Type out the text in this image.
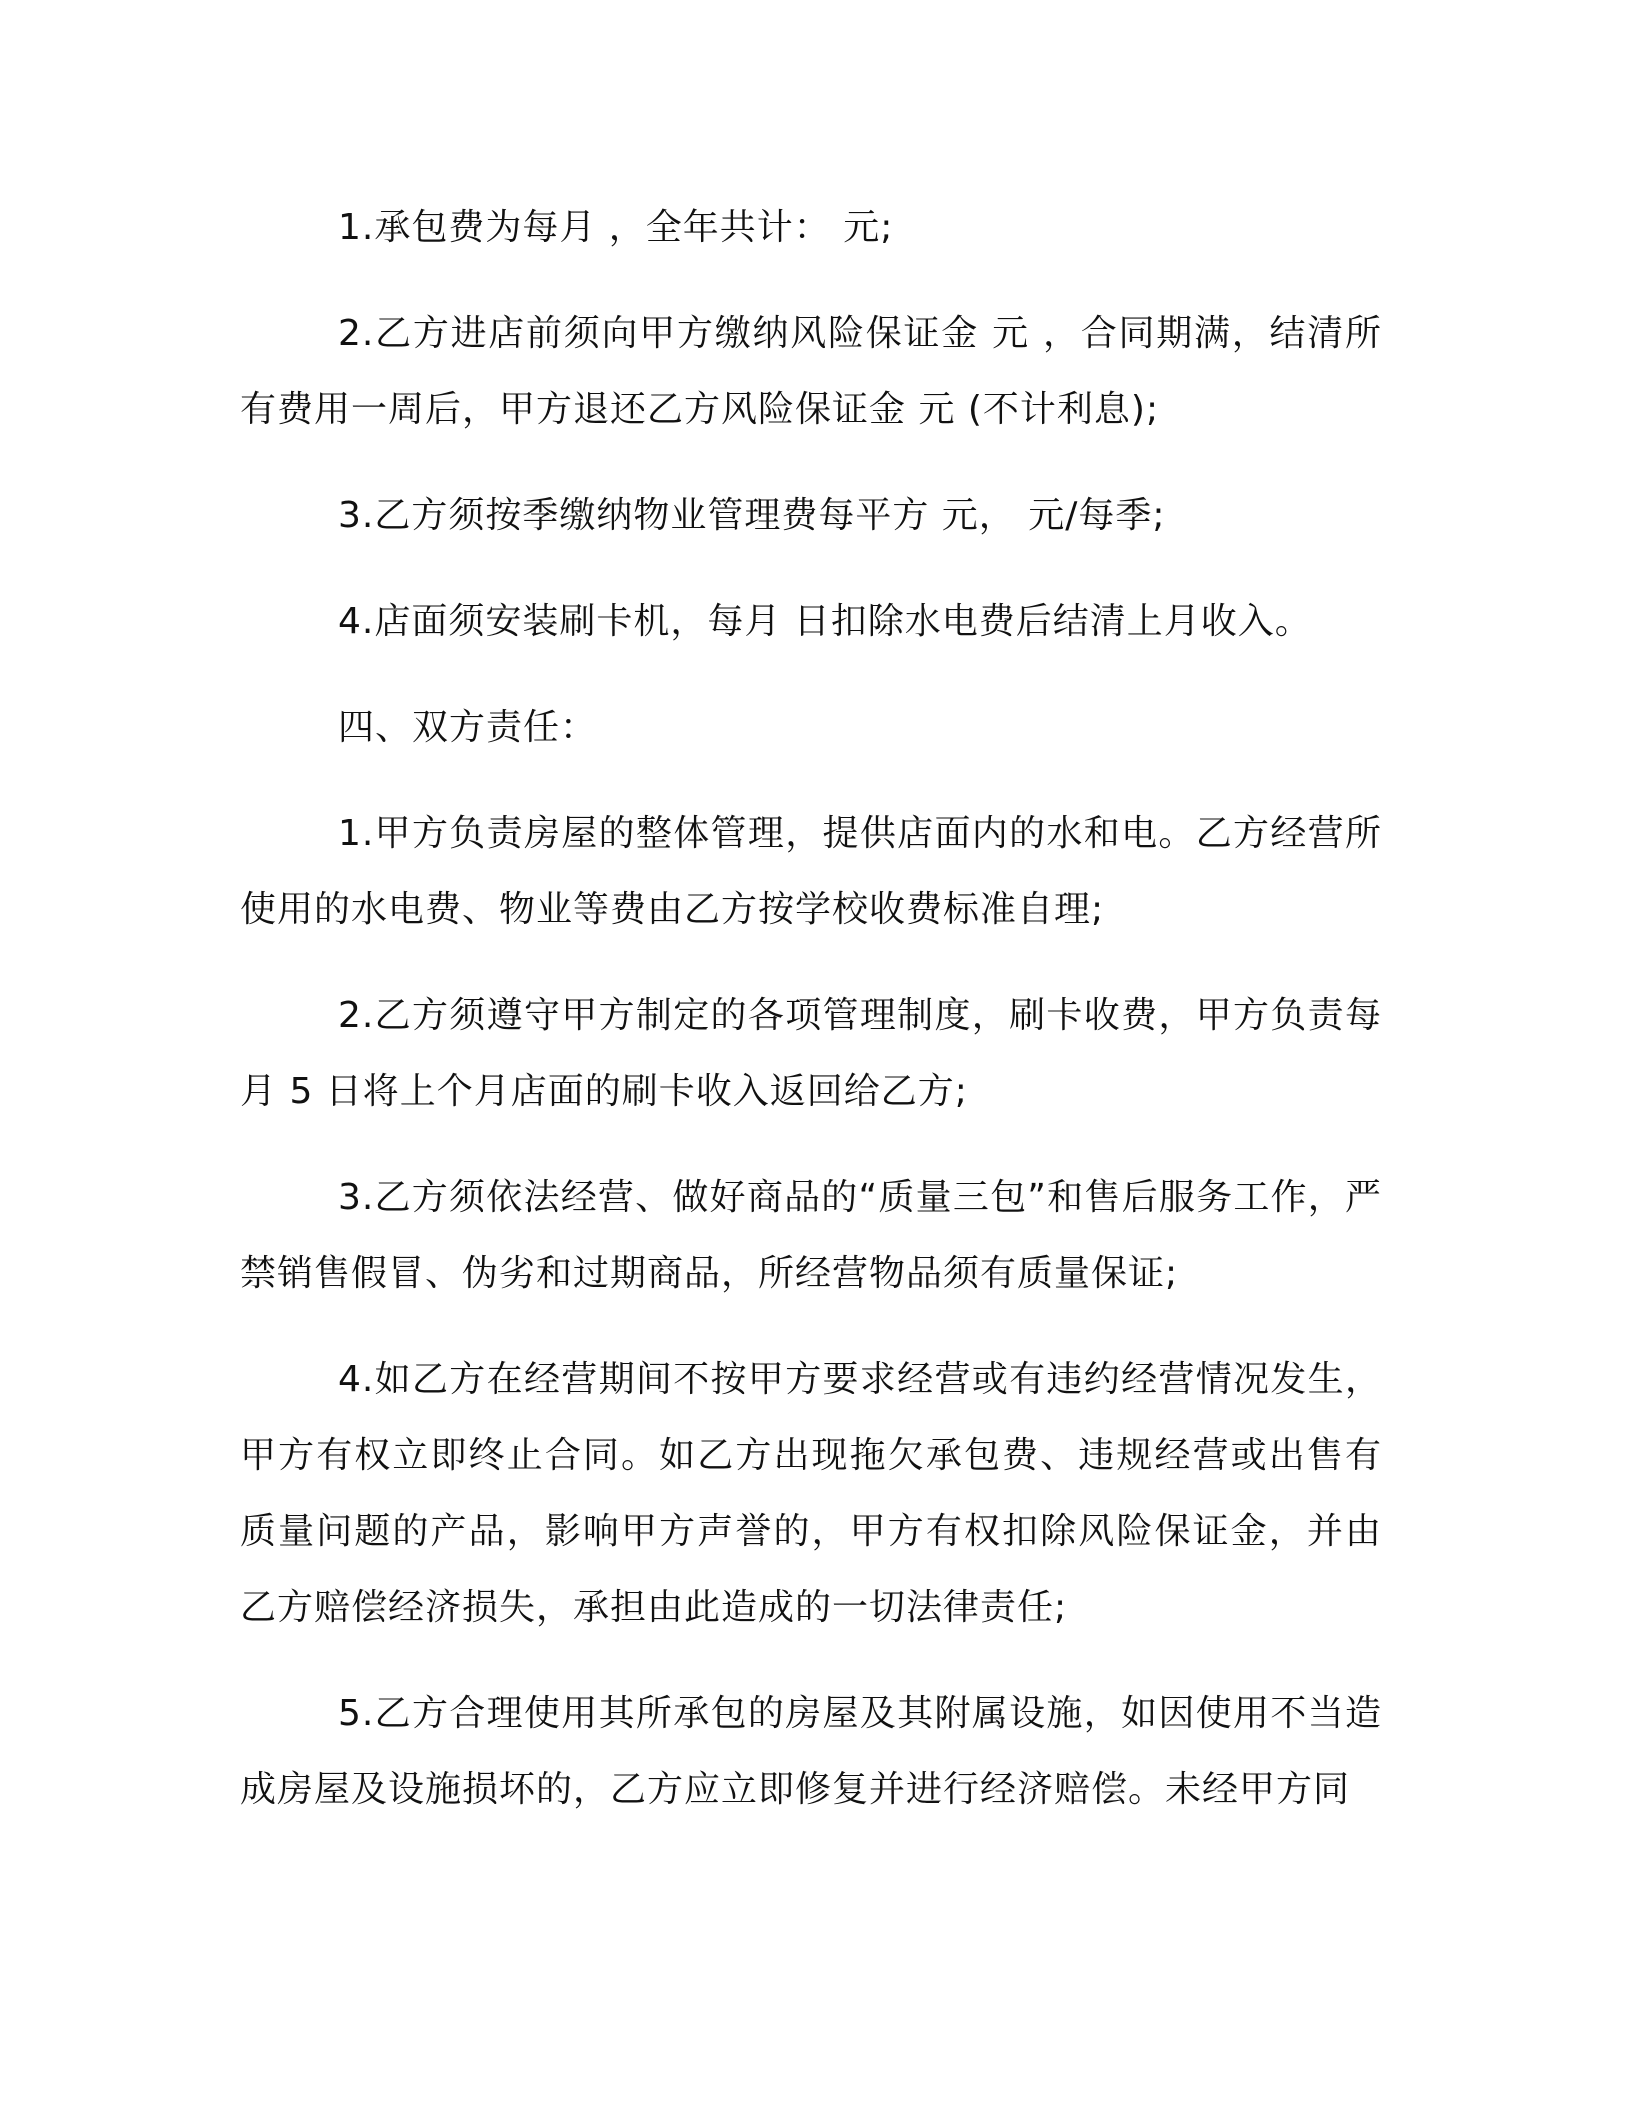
1.承包费为每月 ，全年共计： 元;

2.乙方进店前须向甲方缴纳风险保证金 元 ，合同期满，结清所有费用一周后，甲方退还乙方风险保证金 元 (不计利息);

3.乙方须按季缴纳物业管理费每平方 元， 元/每季;

4.店面须安装刷卡机，每月 日扣除水电费后结清上月收入。

四、双方责任：

1.甲方负责房屋的整体管理，提供店面内的水和电。乙方经营所使用的水电费、物业等费由乙方按学校收费标准自理;

2.乙方须遵守甲方制定的各项管理制度，刷卡收费，甲方负责每月 5 日将上个月店面的刷卡收入返回给乙方;

3.乙方须依法经营、做好商品的“质量三包”和售后服务工作，严禁销售假冒、伪劣和过期商品，所经营物品须有质量保证;

4.如乙方在经营期间不按甲方要求经营或有违约经营情况发生，甲方有权立即终止合同。如乙方出现拖欠承包费、违规经营或出售有质量问题的产品，影响甲方声誉的，甲方有权扣除风险保证金，并由乙方赔偿经济损失，承担由此造成的一切法律责任;

5.乙方合理使用其所承包的房屋及其附属设施，如因使用不当造成房屋及设施损坏的，乙方应立即修复并进行经济赔偿。未经甲方同
